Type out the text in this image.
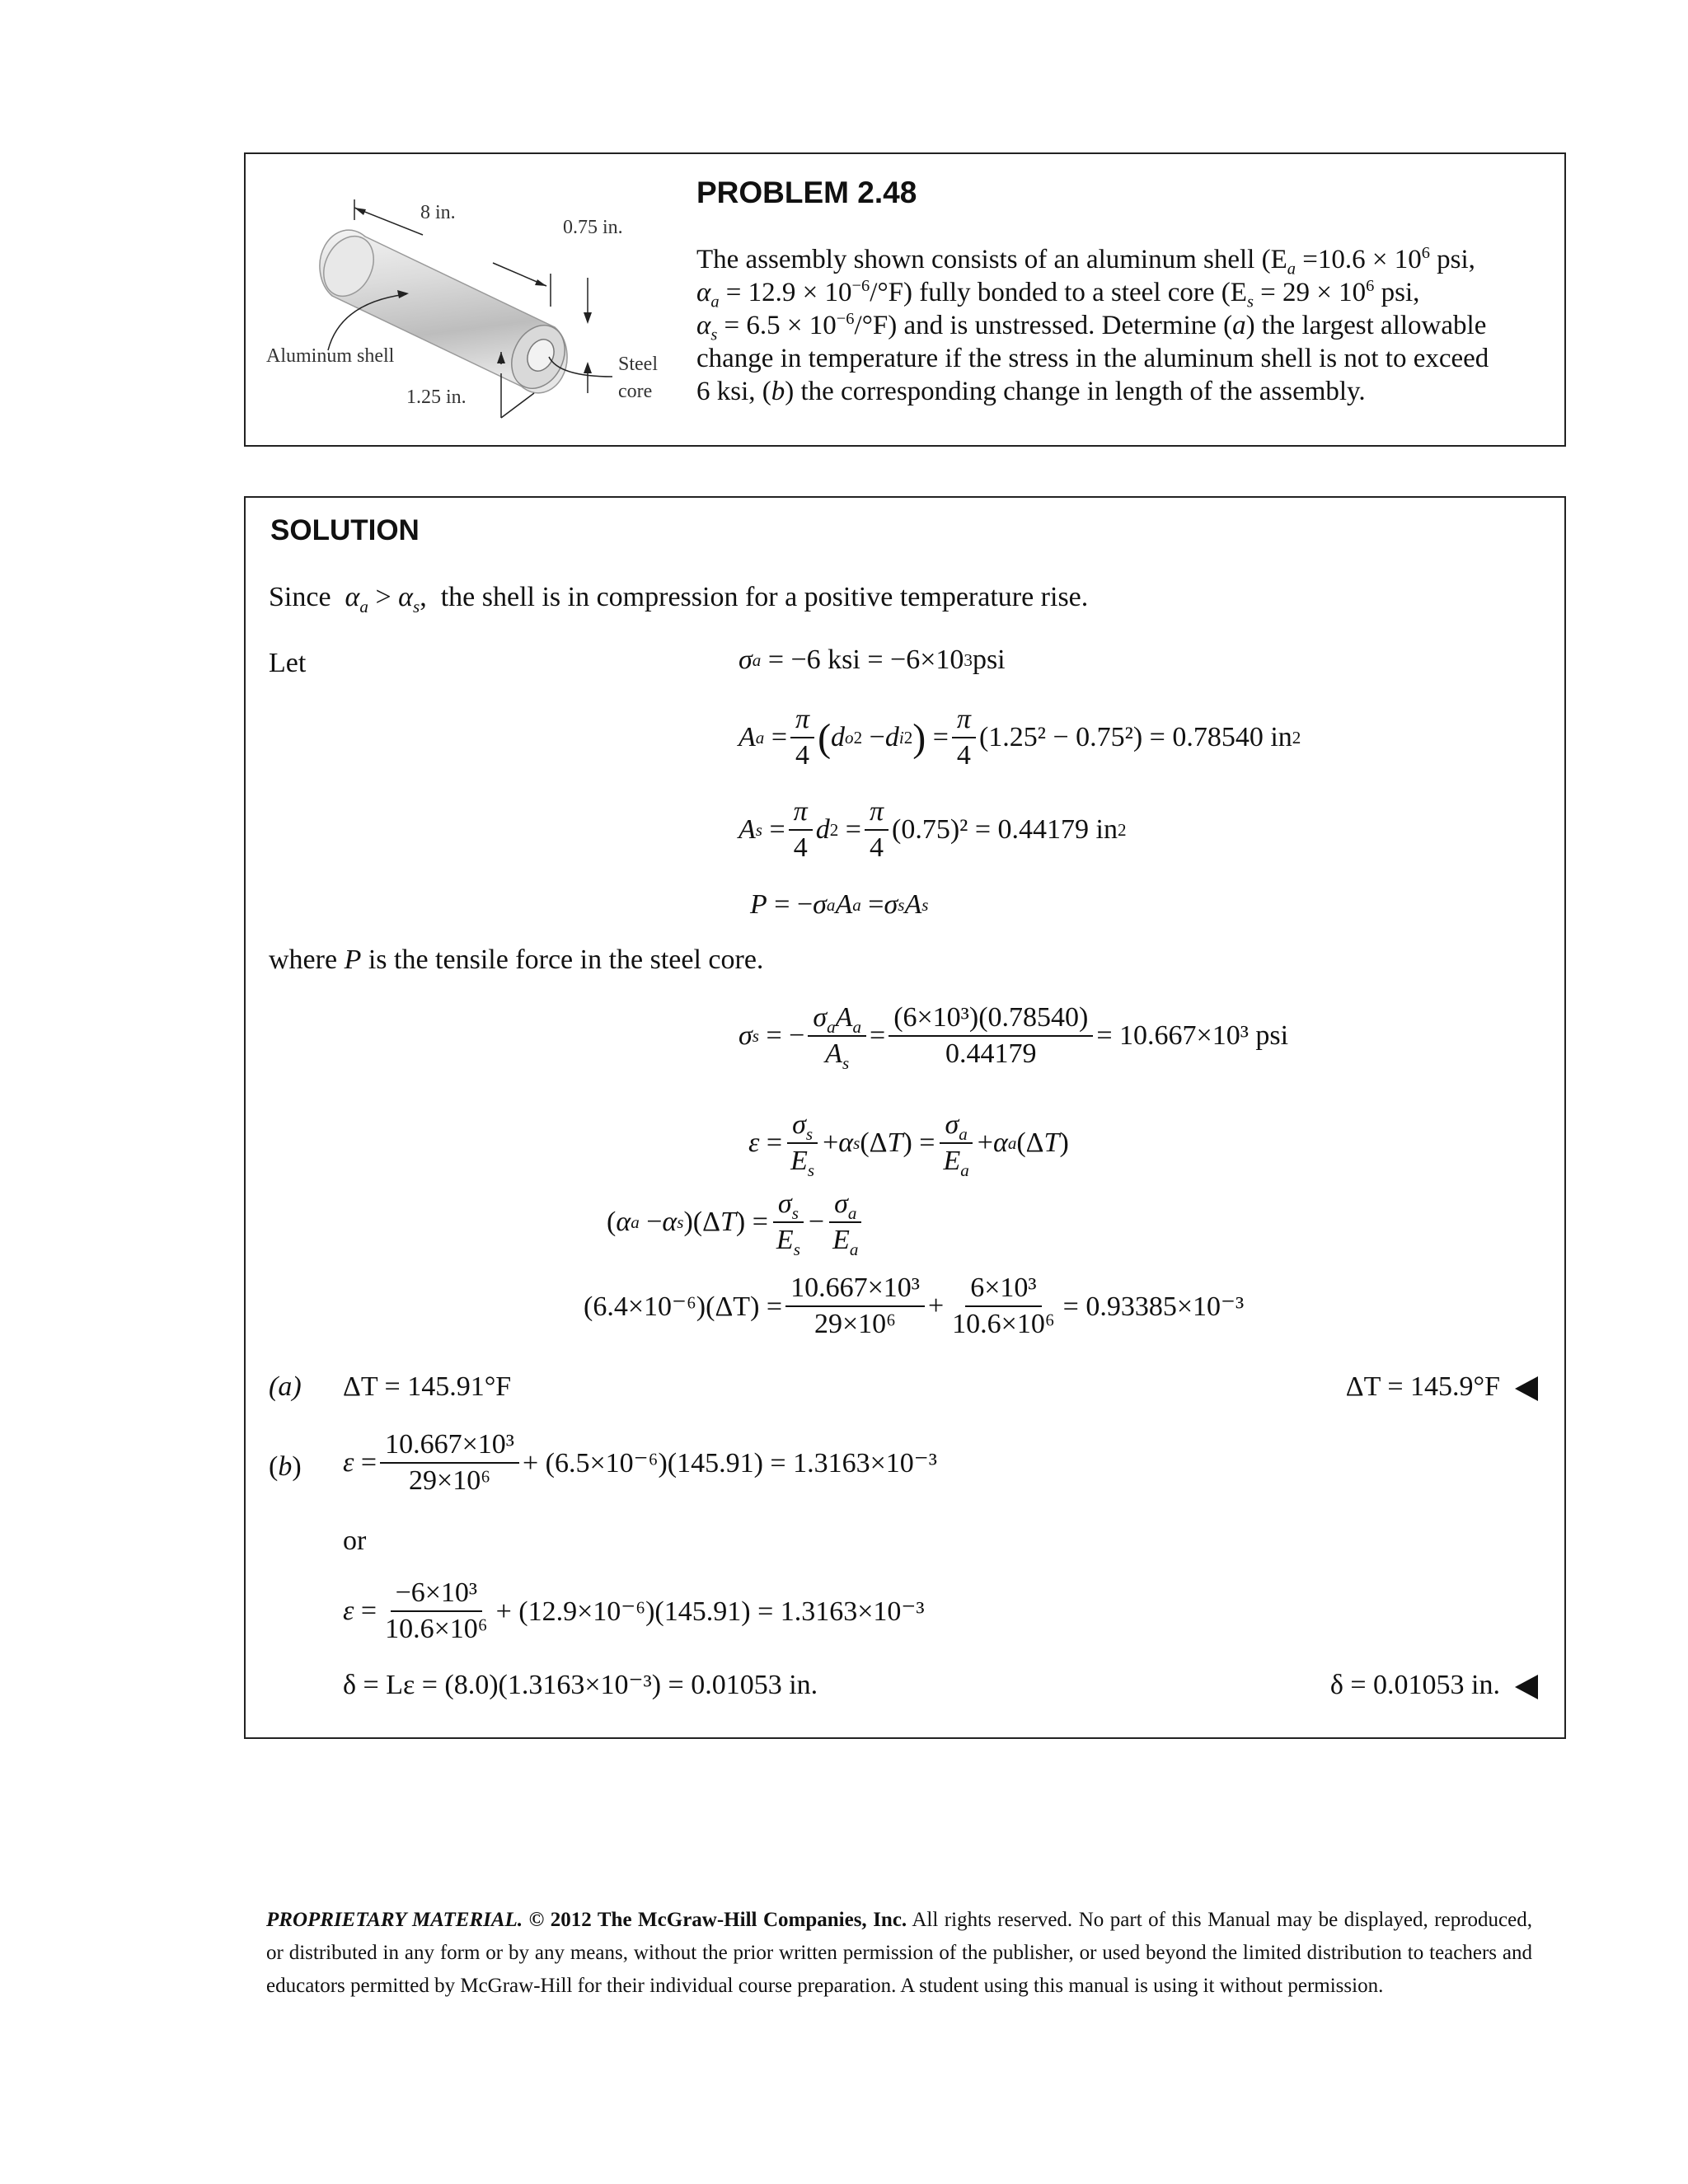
8 in.
0.75 in.
Aluminum shell
1.25 in.
Steel
core
PROBLEM 2.48
The assembly shown consists of an aluminum shell ($E_a =10.6 \times 10^6$ psi,
$\alpha_a = 12.9 \times 10^{-6}/^\circ F$) fully bonded to a steel core ($E_s = 29 \times 10^6$ psi,
$\alpha_s = 6.5 \times 10^{-6}/^\circ F$) and is unstressed. Determine (a) the largest allowable
change in temperature if the stress in the aluminum shell is not to exceed
6 ksi, (b) the corresponding change in length of the assembly.
SOLUTION
Since $\alpha_a > \alpha_s$,  the shell is in compression for a positive temperature rise.
Let	σ a
= −6 ksi = −6×10 3 psi
A $a = \frac{\pi}{4}$ ( d o 2 − d i 2 ) = $\frac{\pi}{4} (1.25^2 - 0.75^2) = 0.78540$ in 2
A $s = \frac{\pi}{4}$ d $2 = \frac{\pi}{4} (0.75)^2 = 0.44179$ in 2
P = − σ a A a = σ s A s
where P is the tensile force in the steel core.
σ s = − $\frac{\sigma_aA_a}{A_s} = \frac{\text{(6×10³)(0.78540)}}{0.44179} = 10.667\times 10^3$ psi
$\varepsilon = \frac{\sigma_s}{E_s} + \alpha$ s (Δ T ) = $\frac{\sigma_a}{E_a} + \alpha$ a (Δ T )
( α a − α s )(Δ T ) = $\frac{\sigma_s}{E_s} - \frac{\sigma_a}{E_a}$
$(6.4\times 10^{-6})(\Delta T) = \frac{\text{10.667×10³}}{\text{29×10⁶}} + \frac{\text{6×10³}}{\text{10.6×10⁶}} = 0.93385\times 10^{-3}$
(a) ΔT = 145.91°F	ΔT = 145.9°F
(b) $\varepsilon = \frac{\text{10.667×10³}}{\text{29×10⁶}} + (6.5\times 10^{-6})(145.91) = 1.3163\times 10^{-3}$
or
$\varepsilon = \frac{\text{−6×10³}}{\text{10.6×10⁶}} + (12.9\times 10^{-6})(145.91) = 1.3163\times 10^{-3}$
δ = Lε = (8.0)(1.3163×10⁻³) = 0.01053 in.	δ = 0.01053 in.
PROPRIETARY MATERIAL. © 2012 The McGraw-Hill Companies, Inc. All rights reserved. No part of this Manual may be displayed, reproduced, or distributed in any form or by any means, without the prior written permission of the publisher, or used beyond the limited distribution to teachers and educators permitted by McGraw-Hill for their individual course preparation. A student using this manual is using it without permission.
